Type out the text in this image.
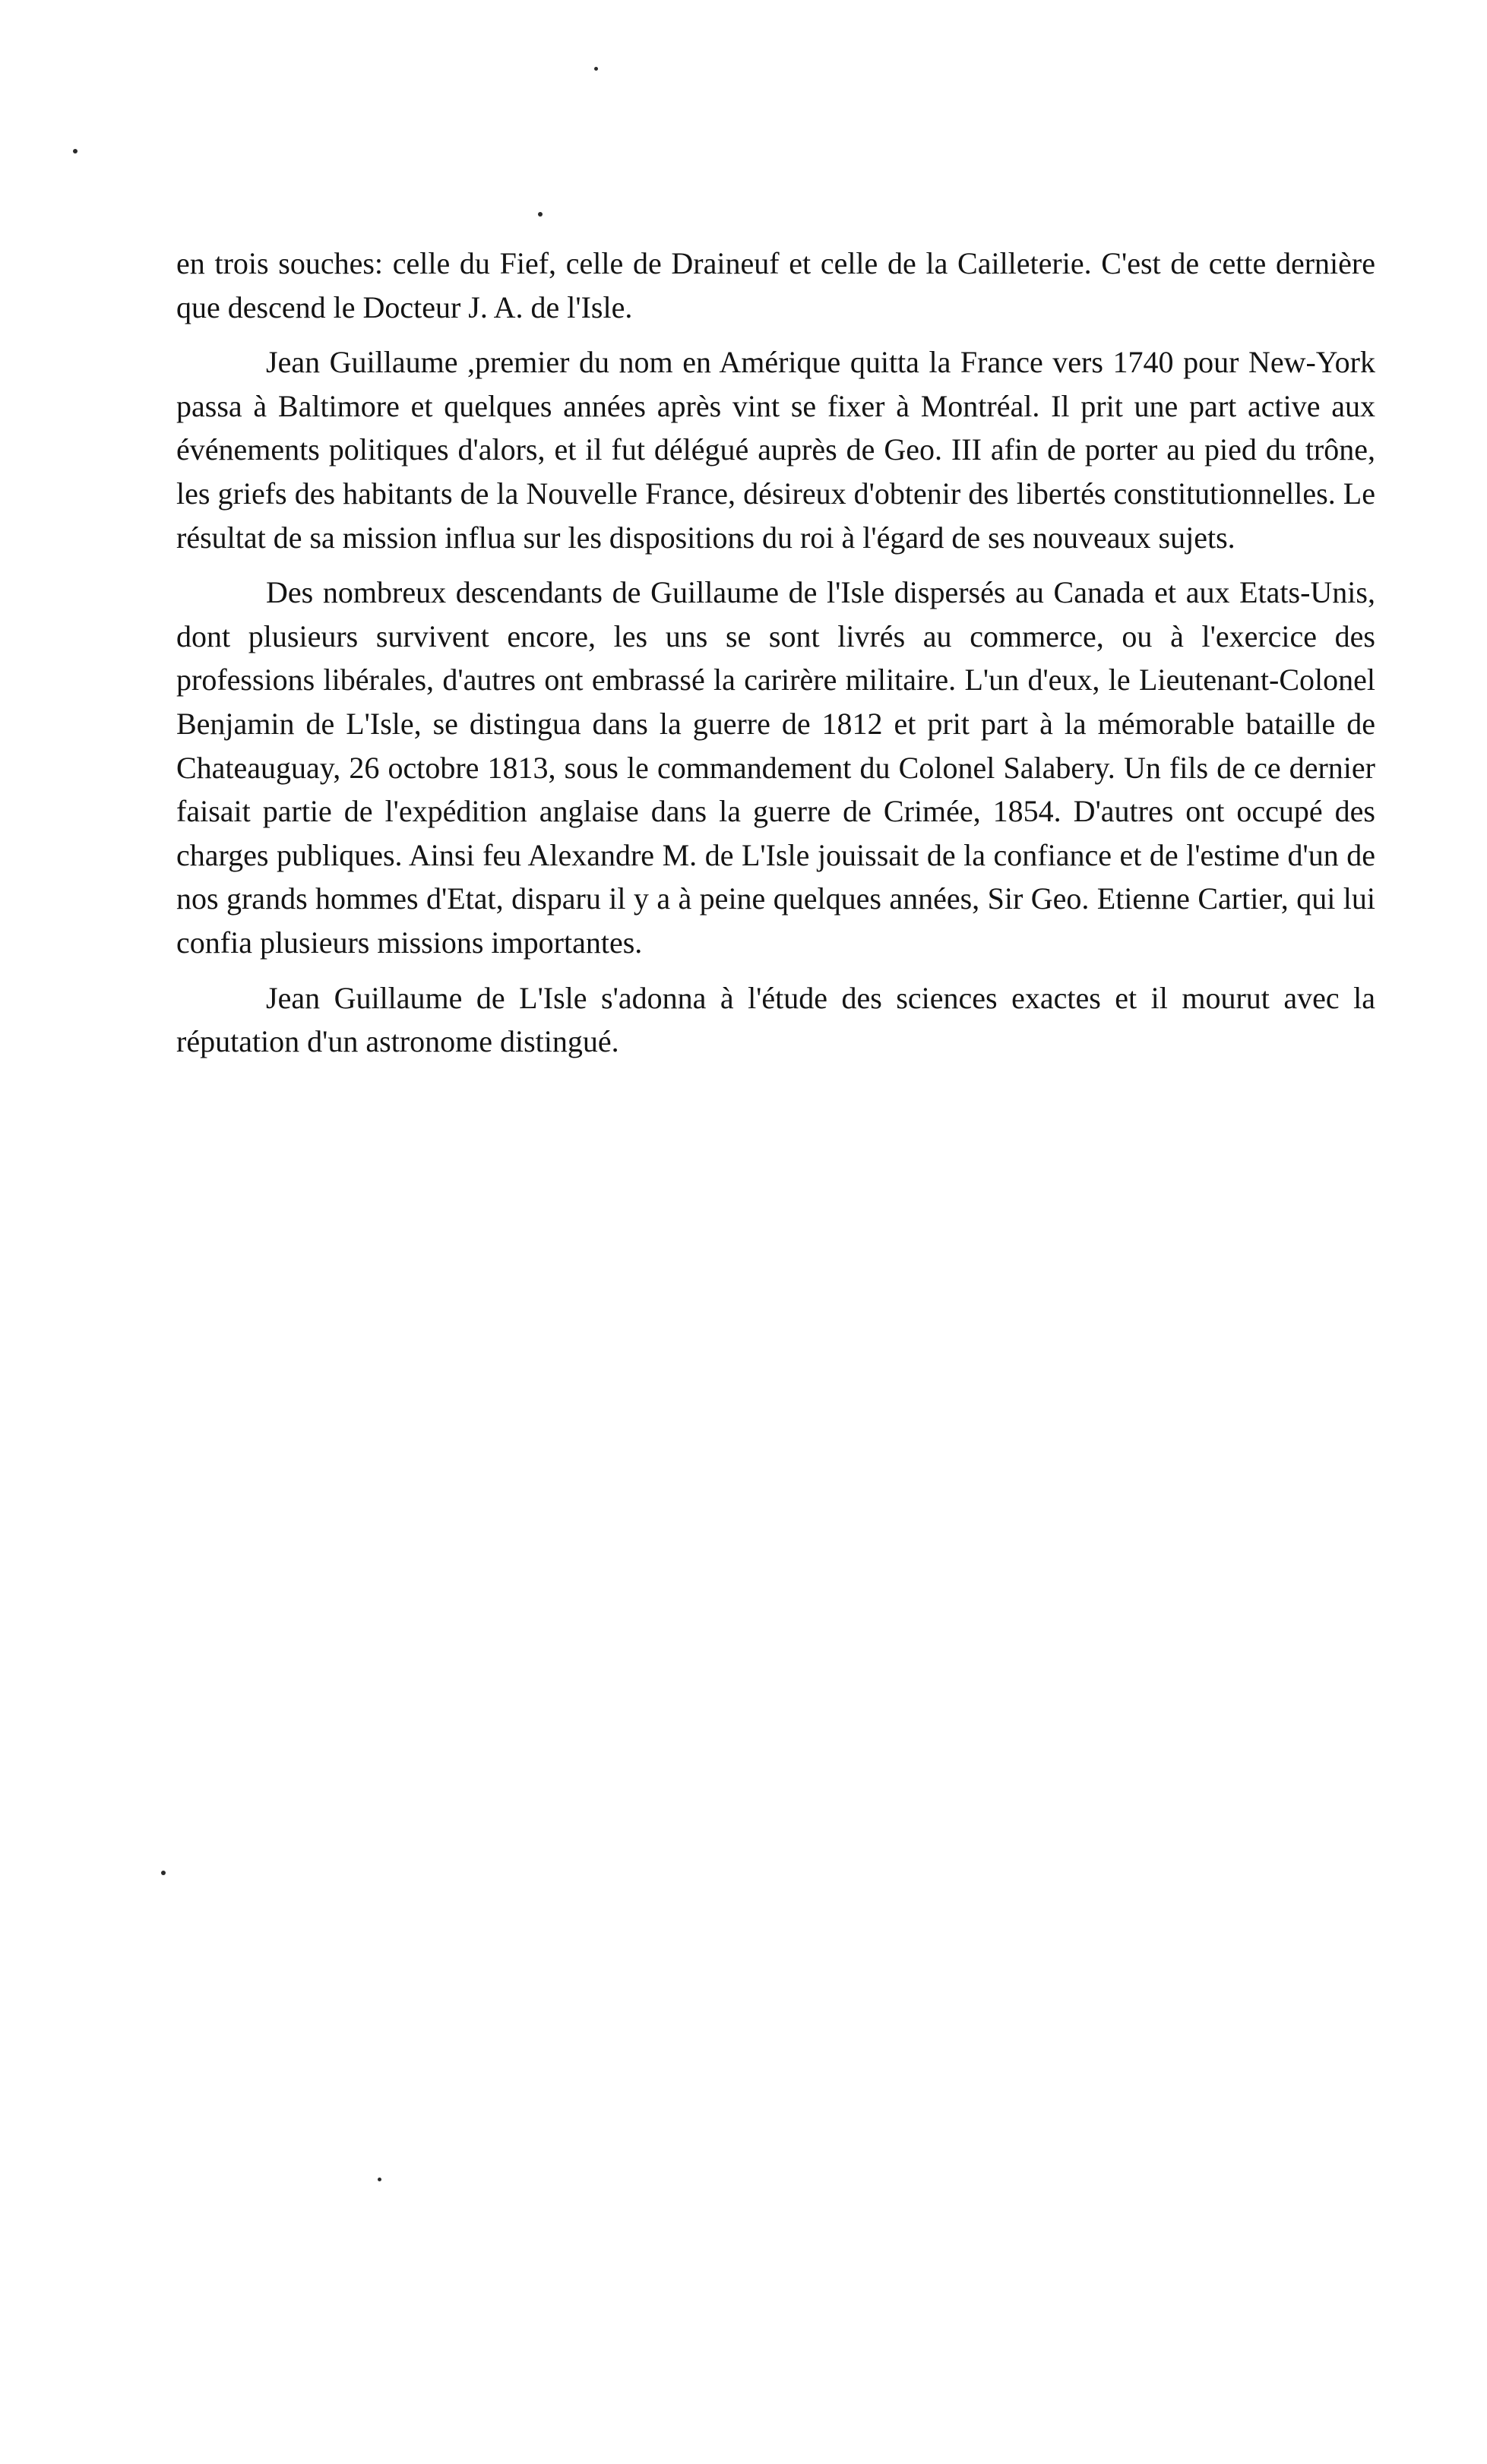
en trois souches: celle du Fief, celle de Draineuf et celle de la Cailleterie. C'est de cette dernière que descend le Docteur J. A. de l'Isle.

Jean Guillaume ,premier du nom en Amérique quitta la France vers 1740 pour New-York passa à Baltimore et quelques années après vint se fixer à Montréal. Il prit une part active aux événements politiques d'alors, et il fut délégué auprès de Geo. III afin de porter au pied du trône, les griefs des habitants de la Nouvelle France, désireux d'obtenir des libertés constitutionnelles. Le résultat de sa mission influa sur les dispositions du roi à l'égard de ses nouveaux sujets.

Des nombreux descendants de Guillaume de l'Isle dispersés au Canada et aux Etats-Unis, dont plusieurs survivent encore, les uns se sont livrés au commerce, ou à l'exercice des professions libérales, d'autres ont embrassé la carirère militaire. L'un d'eux, le Lieutenant-Colonel Benjamin de L'Isle, se distingua dans la guerre de 1812 et prit part à la mémorable bataille de Chateauguay, 26 octobre 1813, sous le commandement du Colonel Salabery. Un fils de ce dernier faisait partie de l'expédition anglaise dans la guerre de Crimée, 1854. D'autres ont occupé des charges publiques. Ainsi feu Alexandre M. de L'Isle jouissait de la confiance et de l'estime d'un de nos grands hommes d'Etat, disparu il y a à peine quelques années, Sir Geo. Etienne Cartier, qui lui confia plusieurs missions importantes.

Jean Guillaume de L'Isle s'adonna à l'étude des sciences exactes et il mourut avec la réputation d'un astronome distingué.
